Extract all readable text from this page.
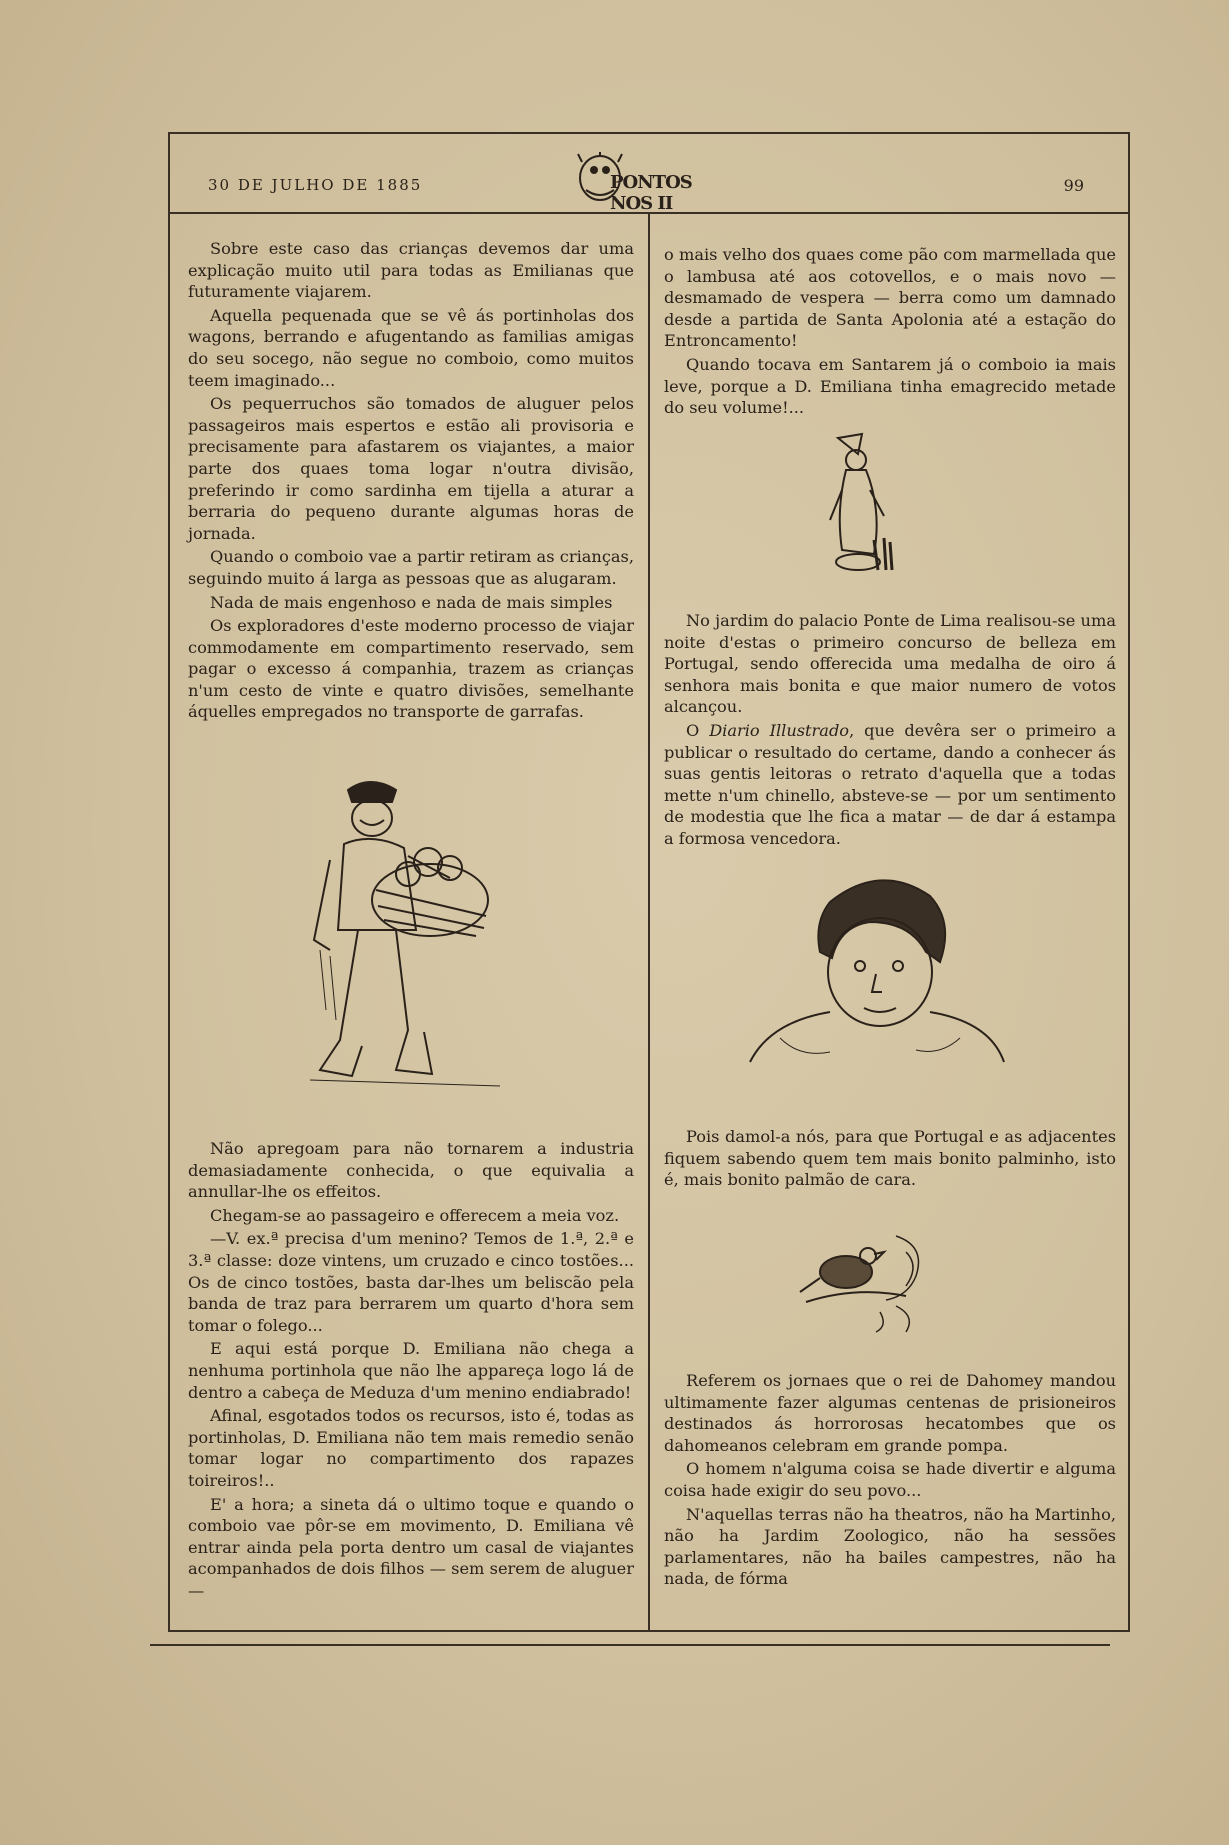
30 DE JULHO DE 1885	PONTOS NOS II
99

Sobre este caso das crianças devemos dar uma explicação muito util para todas as Emilianas que futuramente viajarem.

Aquella pequenada que se vê ás portinholas dos wagons, berrando e afugentando as familias amigas do seu socego, não segue no comboio, como muitos teem imaginado...

Os pequerruchos são tomados de aluguer pelos passageiros mais espertos e estão ali provisoria e precisamente para afastarem os viajantes, a maior parte dos quaes toma logar n'outra divisão, preferindo ir como sardinha em tijella a aturar a berraria do pequeno durante algumas horas de jornada.

Quando o comboio vae a partir retiram as crianças, seguindo muito á larga as pessoas que as alugaram.

Nada de mais engenhoso e nada de mais simples

Os exploradores d'este moderno processo de viajar commodamente em compartimento reservado, sem pagar o excesso á companhia, trazem as crianças n'um cesto de vinte e quatro divisões, semelhante áquelles empregados no transporte de garrafas.

Não apregoam para não tornarem a industria demasiadamente conhecida, o que equivalia a annullar-lhe os effeitos.

Chegam-se ao passageiro e offerecem a meia voz.

—V. ex.ª precisa d'um menino? Temos de 1.ª, 2.ª e 3.ª classe: doze vintens, um cruzado e cinco tostões... Os de cinco tostões, basta dar-lhes um beliscão pela banda de traz para berrarem um quarto d'hora sem tomar o folego...

E aqui está porque D. Emiliana não chega a nenhuma portinhola que não lhe appareça logo lá de dentro a cabeça de Meduza d'um menino endiabrado!

Afinal, esgotados todos os recursos, isto é, todas as portinholas, D. Emiliana não tem mais remedio senão tomar logar no compartimento dos rapazes toireiros!..

E' a hora; a sineta dá o ultimo toque e quando o comboio vae pôr-se em movimento, D. Emiliana vê entrar ainda pela porta dentro um casal de viajantes acompanhados de dois filhos — sem serem de aluguer —

o mais velho dos quaes come pão com marmellada que o lambusa até aos cotovellos, e o mais novo — desmamado de vespera — berra como um damnado desde a partida de Santa Apolonia até a estação do Entroncamento!

Quando tocava em Santarem já o comboio ia mais leve, porque a D. Emiliana tinha emagrecido metade do seu volume!...

No jardim do palacio Ponte de Lima realisou-se uma noite d'estas o primeiro concurso de belleza em Portugal, sendo offerecida uma medalha de oiro á senhora mais bonita e que maior numero de votos alcançou.

O Diario Illustrado, que devêra ser o primeiro a publicar o resultado do certame, dando a conhecer ás suas gentis leitoras o retrato d'aquella que a todas mette n'um chinello, absteve-se — por um sentimento de modestia que lhe fica a matar — de dar á estampa a formosa vencedora.

Pois damol-a nós, para que Portugal e as adjacentes fiquem sabendo quem tem mais bonito palminho, isto é, mais bonito palmão de cara.

Referem os jornaes que o rei de Dahomey mandou ultimamente fazer algumas centenas de prisioneiros destinados ás horrorosas hecatombes que os dahomeanos celebram em grande pompa.

O homem n'alguma coisa se hade divertir e alguma coisa hade exigir do seu povo...

N'aquellas terras não ha theatros, não ha Martinho, não ha Jardim Zoologico, não ha sessões parlamentares, não ha bailes campestres, não ha nada, de fórma
